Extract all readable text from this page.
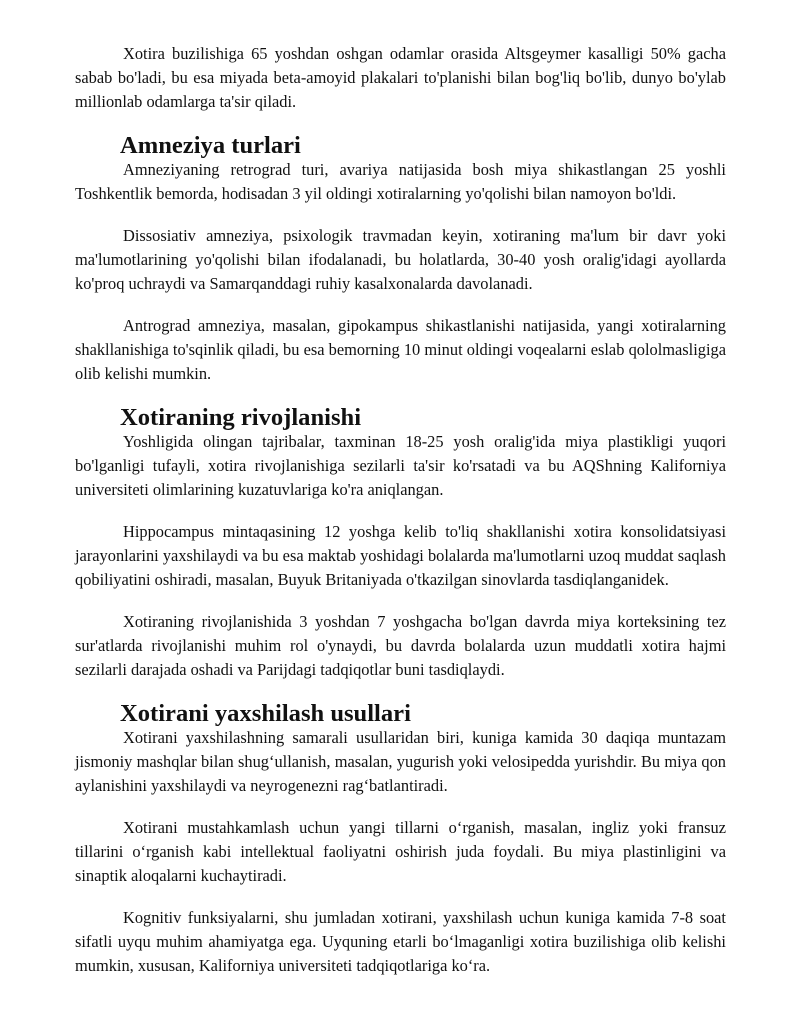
Xotira buzilishiga 65 yoshdan oshgan odamlar orasida Altsgeymer kasalligi 50% gacha sabab bo'ladi, bu esa miyada beta-amoyid plakalari to'planishi bilan bog'liq bo'lib, dunyo bo'ylab millionlab odamlarga ta'sir qiladi.

Amneziya turlari

Amneziyaning retrograd turi, avariya natijasida bosh miya shikastlangan 25 yoshli Toshkentlik bemorda, hodisadan 3 yil oldingi xotiralarning yo'qolishi bilan namoyon bo'ldi.

Dissosiativ amneziya, psixologik travmadan keyin, xotiraning ma'lum bir davr yoki ma'lumotlarining yo'qolishi bilan ifodalanadi, bu holatlarda, 30-40 yosh oralig'idagi ayollarda ko'proq uchraydi va Samarqanddagi ruhiy kasalxonalarda davolanadi.

Antrograd amneziya, masalan, gipokampus shikastlanishi natijasida, yangi xotiralarning shakllanishiga to'sqinlik qiladi, bu esa bemorning 10 minut oldingi voqealarni eslab qololmasligiga olib kelishi mumkin.

Xotiraning rivojlanishi

Yoshligida olingan tajribalar, taxminan 18-25 yosh oralig'ida miya plastikligi yuqori bo'lganligi tufayli, xotira rivojlanishiga sezilarli ta'sir ko'rsatadi va bu AQShning Kaliforniya universiteti olimlarining kuzatuvlariga ko'ra aniqlangan.

Hippocampus mintaqasining 12 yoshga kelib to'liq shakllanishi xotira konsolidatsiyasi jarayonlarini yaxshilaydi va bu esa maktab yoshidagi bolalarda ma'lumotlarni uzoq muddat saqlash qobiliyatini oshiradi, masalan, Buyuk Britaniyada o'tkazilgan sinovlarda tasdiqlanganidek.

Xotiraning rivojlanishida 3 yoshdan 7 yoshgacha bo'lgan davrda miya korteksining tez sur'atlarda rivojlanishi muhim rol o'ynaydi, bu davrda bolalarda uzun muddatli xotira hajmi sezilarli darajada oshadi va Parijdagi tadqiqotlar buni tasdiqlaydi.

Xotirani yaxshilash usullari

Xotirani yaxshilashning samarali usullaridan biri, kuniga kamida 30 daqiqa muntazam jismoniy mashqlar bilan shug‘ullanish, masalan, yugurish yoki velosipedda yurishdir. Bu miya qon aylanishini yaxshilaydi va neyrogenezni rag‘batlantiradi.

Xotirani mustahkamlash uchun yangi tillarni o‘rganish, masalan, ingliz yoki fransuz tillarini o‘rganish kabi intellektual faoliyatni oshirish juda foydali. Bu miya plastinligini va sinaptik aloqalarni kuchaytiradi.

Kognitiv funksiyalarni, shu jumladan xotirani, yaxshilash uchun kuniga kamida 7-8 soat sifatli uyqu muhim ahamiyatga ega. Uyquning etarli bo‘lmaganligi xotira buzilishiga olib kelishi mumkin, xususan, Kaliforniya universiteti tadqiqotlariga ko‘ra.
